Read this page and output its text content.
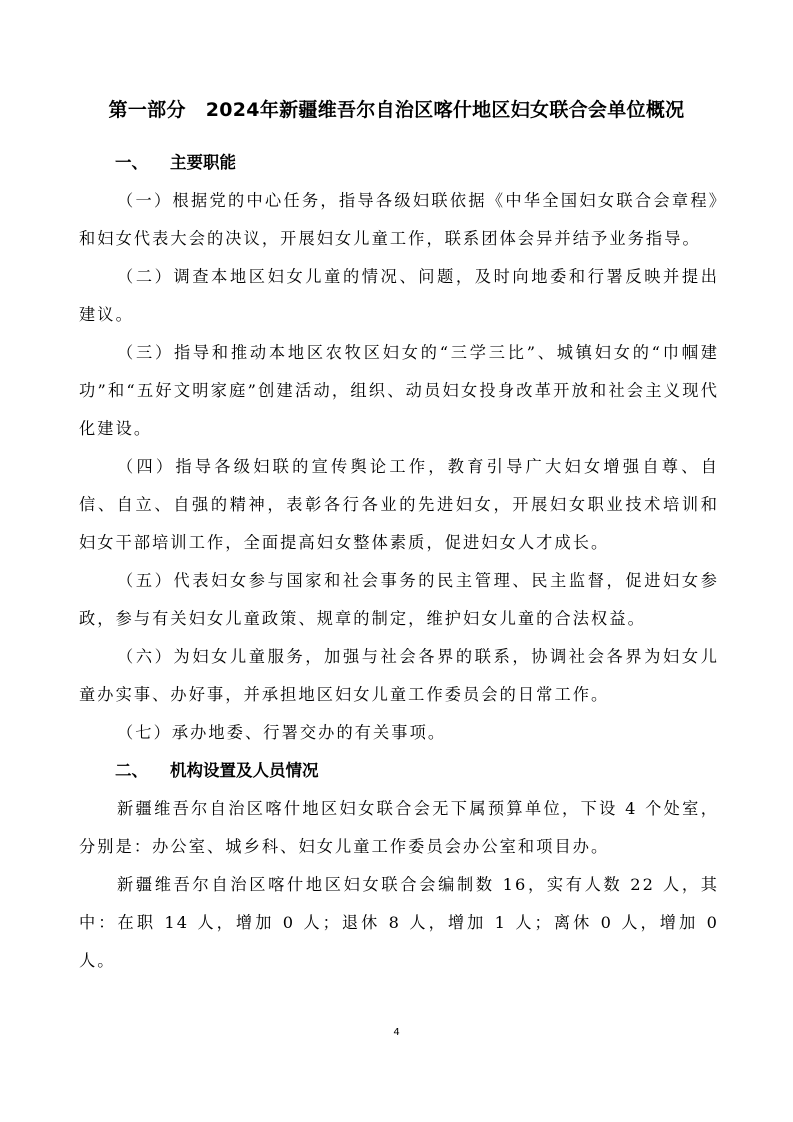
第一部分 2024年新疆维吾尔自治区喀什地区妇女联合会单位概况
一、 主要职能

（一）根据党的中心任务，指导各级妇联依据《中华全国妇女联合会章程》和妇女代表大会的决议，开展妇女儿童工作，联系团体会异并结予业务指导。

（二）调查本地区妇女儿童的情况、问题，及时向地委和行署反映并提出建议。

（三）指导和推动本地区农牧区妇女的“三学三比”、城镇妇女的“巾帼建功”和“五好文明家庭”创建活动，组织、动员妇女投身改革开放和社会主义现代化建设。

（四）指导各级妇联的宣传舆论工作，教育引导广大妇女增强自尊、自信、自立、自强的精神，表彰各行各业的先进妇女，开展妇女职业技术培训和妇女干部培训工作，全面提高妇女整体素质，促进妇女人才成长。

（五）代表妇女参与国家和社会事务的民主管理、民主监督，促进妇女参政，参与有关妇女儿童政策、规章的制定，维护妇女儿童的合法权益。

（六）为妇女儿童服务，加强与社会各界的联系，协调社会各界为妇女儿童办实事、办好事，并承担地区妇女儿童工作委员会的日常工作。

（七）承办地委、行署交办的有关事项。

二、 机构设置及人员情况

新疆维吾尔自治区喀什地区妇女联合会无下属预算单位，下设 4 个处室，分别是：办公室、城乡科、妇女儿童工作委员会办公室和项目办。

新疆维吾尔自治区喀什地区妇女联合会编制数 16，实有人数 22 人，其中：在职 14 人，增加 0 人；退休 8 人，增加 1 人；离休 0 人，增加 0 人。

4
